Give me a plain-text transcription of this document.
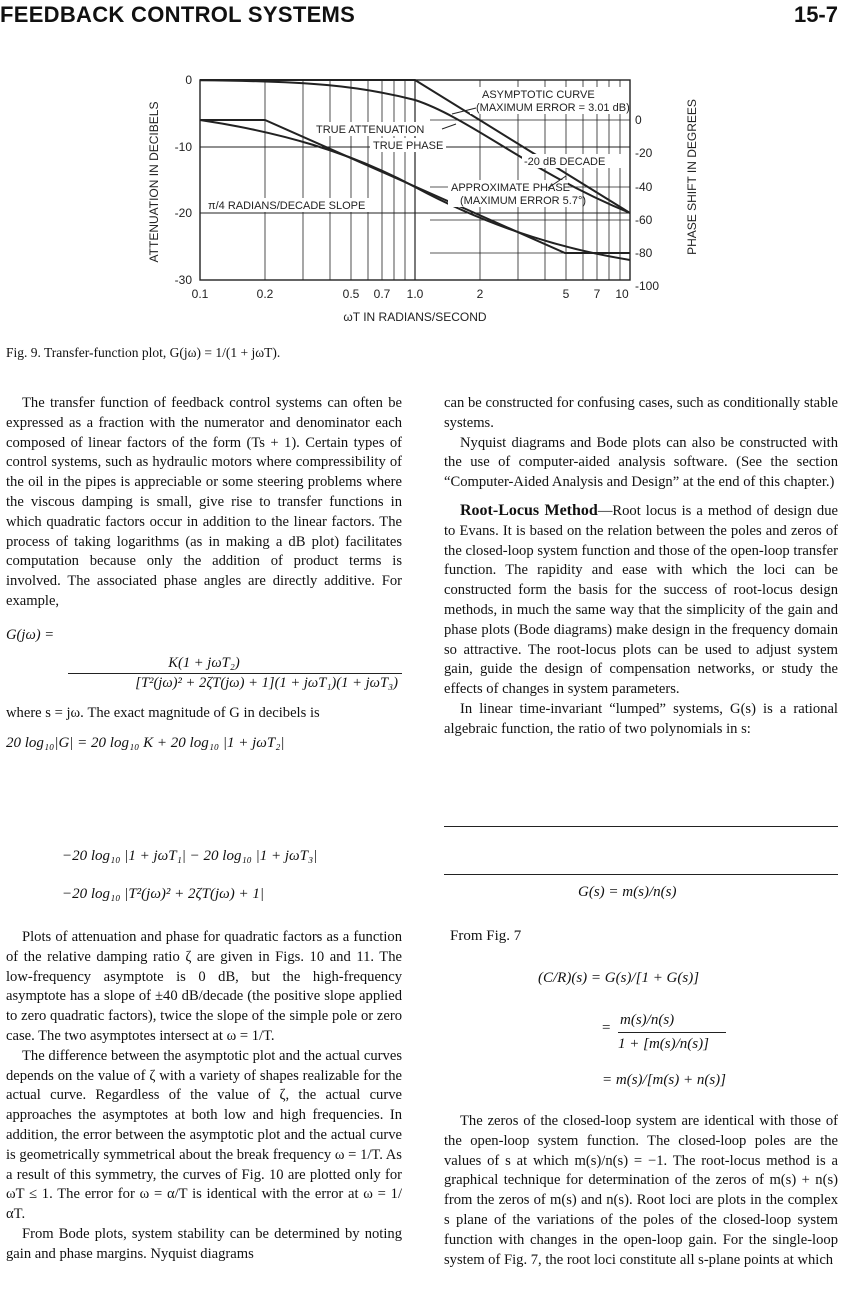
FEEDBACK CONTROL SYSTEMS	15-7
0
-10
-20
-30
0
-20
-40
-60
-80
-100
0.1	0.2	0.5 0.7 1.0	2	5 7 10
ωT IN RADIANS/SECOND
ATTENUATION IN DECIBELS	PHASE SHIFT IN DEGREES
ASYMPTOTIC CURVE
(MAXIMUM ERROR = 3.01 dB)
TRUE ATTENUATION
TRUE PHASE
-20 dB DECADE
APPROXIMATE PHASE
(MAXIMUM ERROR 5.7°)
π/4 RADIANS/DECADE SLOPE
Fig. 9. Transfer-function plot, G(jω) = 1/(1 + jωT).

The transfer function of feedback control systems can often be expressed as a fraction with the numerator and denominator each composed of linear factors of the form (Ts + 1). Certain types of control systems, such as hydraulic motors where compressibility of the oil in the pipes is appreciable or some steering problems where the viscous damping is small, give rise to transfer functions in which quadratic factors occur in addition to the linear factors. The process of taking logarithms (as in making a dB plot) facilitates computation because only the addition of product terms is involved. The associated phase angles are directly additive. For example,

G(jω) =
K(1 + jωT₂)
[T²(jω)² + 2ζT(jω) + 1](1 + jωT₁)(1 + jωT₃)

where s = jω. The exact magnitude of G in decibels is

20 log₁₀|G| = 20 log₁₀ K + 20 log₁₀ |1 + jωT₂|
−20 log₁₀ |1 + jωT₁| − 20 log₁₀ |1 + jωT₃|
−20 log₁₀ |T²(jω)² + 2ζT(jω) + 1|

Plots of attenuation and phase for quadratic factors as a function of the relative damping ratio ζ are given in Figs. 10 and 11. The low-frequency asymptote is 0 dB, but the high-frequency asymptote has a slope of ±40 dB/decade (the positive slope applied to zero quadratic factors), twice the slope of the simple pole or zero case. The two asymptotes intersect at ω = 1/T.

The difference between the asymptotic plot and the actual curves depends on the value of ζ with a variety of shapes realizable for the actual curve. Regardless of the value of ζ, the actual curve approaches the asymptotes at both low and high frequencies. In addition, the error between the asymptotic plot and the actual curve is geometrically symmetrical about the break frequency ω = 1/T. As a result of this symmetry, the curves of Fig. 10 are plotted only for ωT ≤ 1. The error for ω = α/T is identical with the error at ω = 1/αT.

From Bode plots, system stability can be determined by noting gain and phase margins. Nyquist diagrams

can be constructed for confusing cases, such as conditionally stable systems.

Nyquist diagrams and Bode plots can also be constructed with the use of computer-aided analysis software. (See the section “Computer-Aided Analysis and Design” at the end of this chapter.)

Root-Locus Method—Root locus is a method of design due to Evans. It is based on the relation between the poles and zeros of the closed-loop system function and those of the open-loop transfer function. The rapidity and ease with which the loci can be constructed form the basis for the success of root-locus design methods, in much the same way that the simplicity of the gain and phase plots (Bode diagrams) make design in the frequency domain so attractive. The root-locus plots can be used to adjust system gain, guide the design of compensation networks, or study the effects of changes in system parameters.

In linear time-invariant “lumped” systems, G(s) is a rational algebraic function, the ratio of two polynomials in s:

G(s) = m(s)/n(s)
From Fig. 7
(C/R)(s) = G(s)/[1 + G(s)]
m(s)/n(s)
=
1 + [m(s)/n(s)]
= m(s)/[m(s) + n(s)]

The zeros of the closed-loop system are identical with those of the open-loop system function. The closed-loop poles are the values of s at which m(s)/n(s) = −1. The root-locus method is a graphical technique for determination of the zeros of m(s) + n(s) from the zeros of m(s) and n(s). Root loci are plots in the complex s plane of the variations of the poles of the closed-loop system function with changes in the open-loop gain. For the single-loop system of Fig. 7, the root loci constitute all s-plane points at which
